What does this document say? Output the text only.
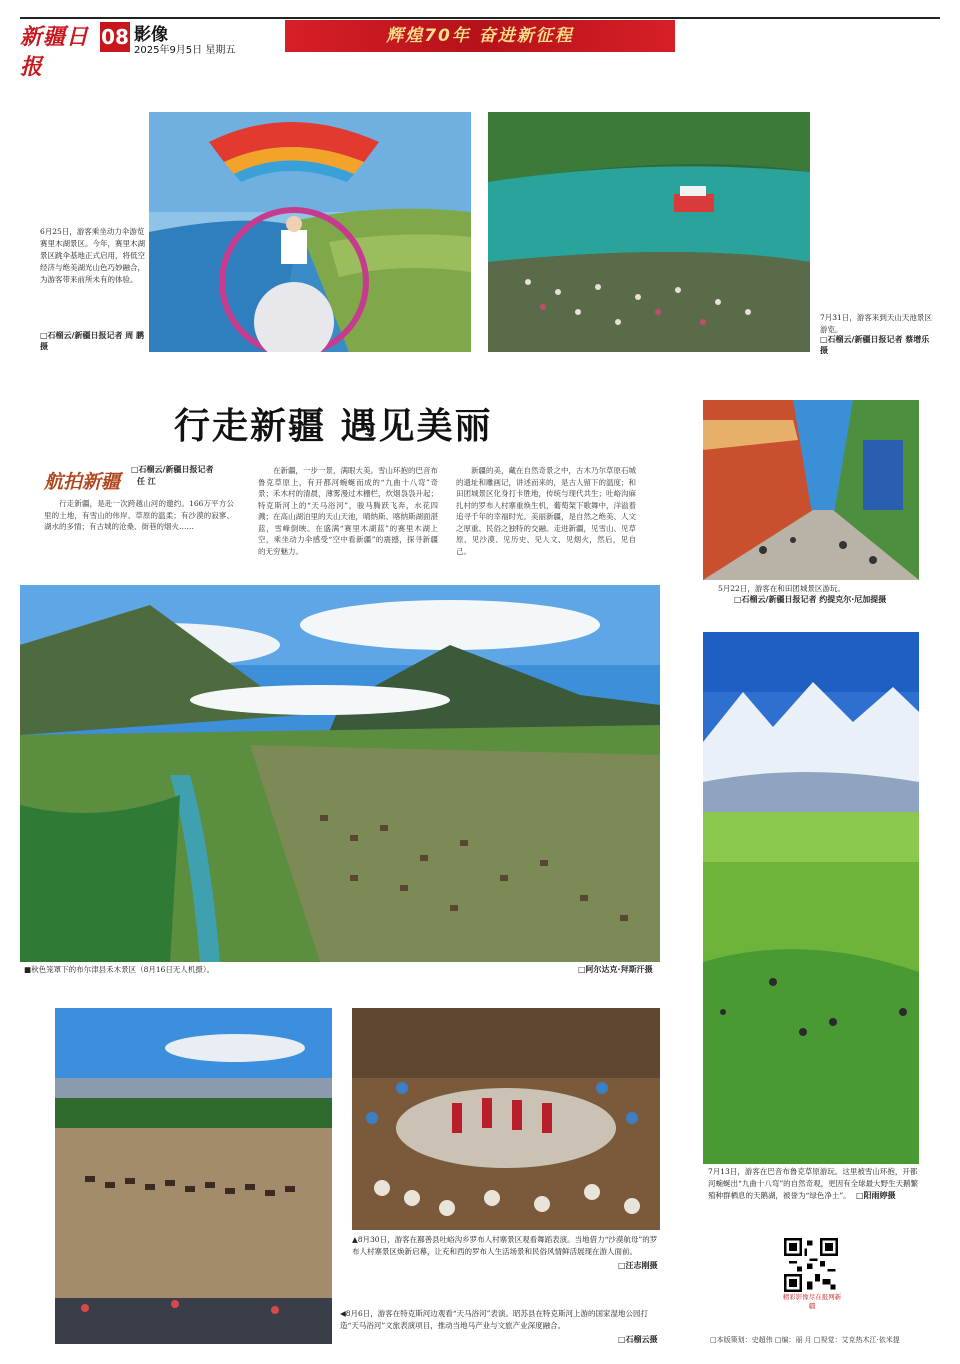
新疆日报
08 影像
2025年9月5日 星期五
辉煌70年 奋进新征程
6月25日，游客乘坐动力伞游览赛里木湖景区。今年，赛里木湖景区跳伞基地正式启用，将低空经济与绝美湖光山色巧妙融合，为游客带来前所未有的体验。
□石榴云/新疆日报记者 周 鹏摄
7月31日，游客来到天山天池景区游览。
□石榴云/新疆日报记者 蔡增乐摄
行走新疆 遇见美丽
航拍新疆
□石榴云/新疆日报记者
任 江
行走新疆，是赴一次跨越山河的邀约。166万平方公里的土地，有雪山的伟岸、草原的温柔；有沙漠的寂寥、湖水的多情；有古城的沧桑、街巷的烟火……
在新疆，一步一景，满眼大美。雪山环抱的巴音布鲁克草原上，有开都河蜿蜒而成的“九曲十八弯”奇景；禾木村的清晨，薄雾漫过木栅栏，炊烟袅袅升起；特克斯河上的“天马浴河”，骏马腾跃飞奔，水花四溅；在高山湖泊里的天山天池，晴纳斯、喀纳斯湖面湛蓝，雪峰倒映。在盛满“赛里木湖蓝”的赛里木湖上空，乘坐动力伞感受“空中看新疆”的震撼，探寻新疆的无穷魅力。
新疆的美，藏在自然奇景之中，古木乃尔草原石城的遗址和雕画记，讲述而来的，是古人留下的温度；和田团城景区化身打卡胜地，传统与现代共生；吐峪沟麻扎村的罗布人村寨重焕生机，葡萄架下歌舞中，洋溢着追寻千年的幸福时光。美丽新疆，是自然之绝美、人文之厚重、民俗之独特的交融。走进新疆，见雪山、见草原、见沙漠、见历史、见人文、见烟火，然后，见自己。
5月22日，游客在和田团城景区游玩。
□石榴云/新疆日报记者 约提克尔·尼加提摄
■秋色笼罩下的布尔津县禾木景区（8月16日无人机摄）。	□阿尔达克·拜斯汗摄
7月13日，游客在巴音布鲁克草原游玩。这里被雪山环抱，开都河蜿蜒出“九曲十八弯”的自然奇观，更因有全球最大野生天鹅繁殖种群栖息的天鹅湖，被誉为“绿色净土”。 □阳雨婷摄
◀8月6日，游客在特克斯河边观看“天马浴河”表演。昭苏县在特克斯河上游的国家湿地公园打造“天马浴河”文旅表演项目，推动当地马产业与文旅产业深度融合。
□石榴云摄
▲8月30日，游客在鄯善县吐峪沟乡罗布人村寨景区观看舞蹈表演。当地借力“沙漠航母”的罗布人村寨景区焕新启幕，让充和西的罗布人生活场景和民俗风情鲜活展现在游人面前。
□汪志刚摄
精彩影像尽在报网新疆
□本版策划：史超伟 □编：丽 月 □视觉：艾克热木江·依米提
